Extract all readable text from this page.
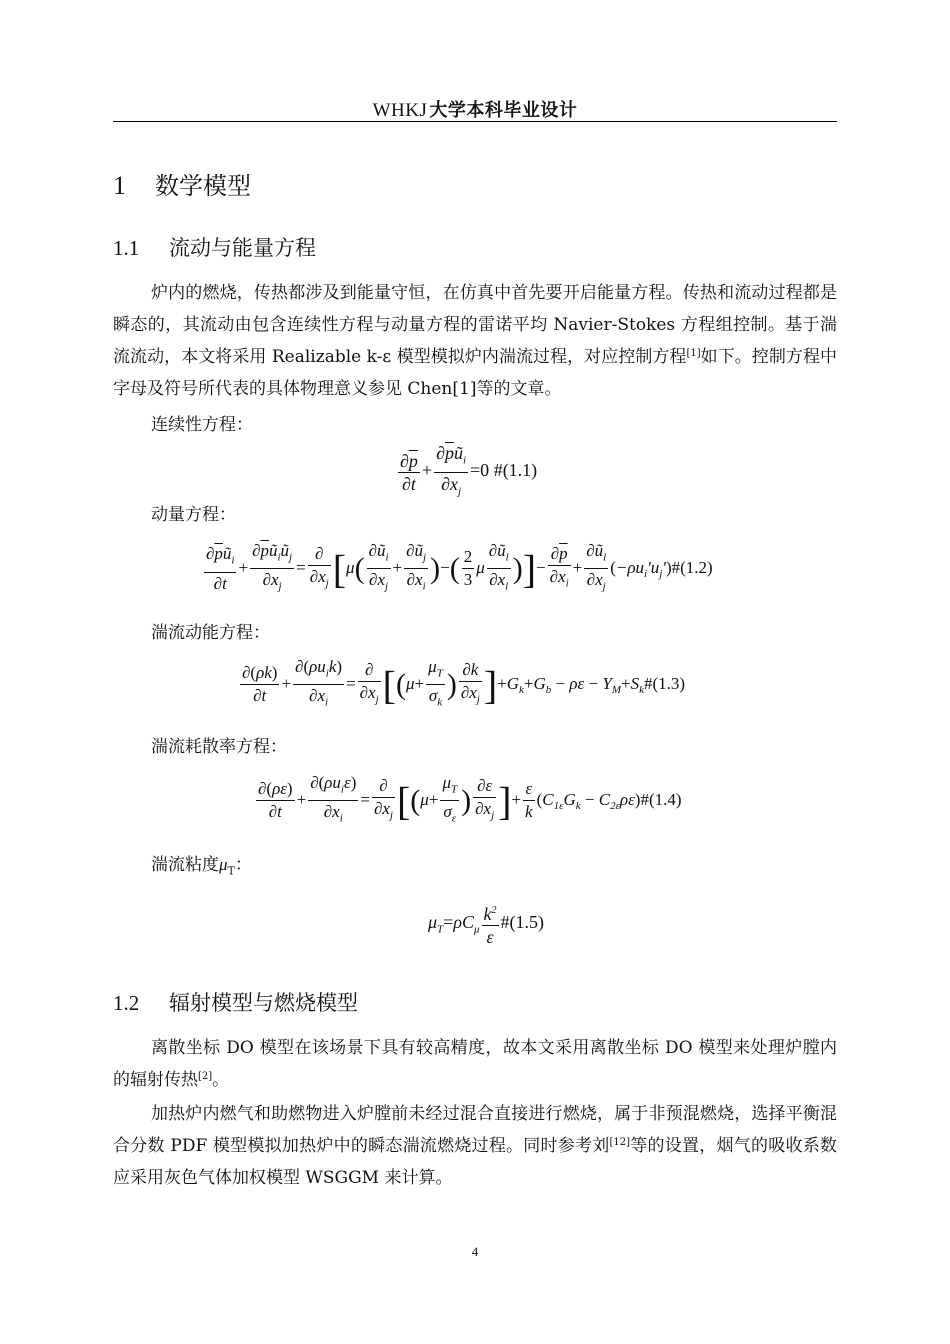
WHKJ 大学本科毕业设计
1 数学模型
1.1 流动与能量方程

炉内的燃烧，传热都涉及到能量守恒，在仿真中首先要开启能量方程。传热和流动过程都是瞬态的，其流动由包含连续性方程与动量方程的雷诺平均 Navier-Stokes 方程组控制。基于湍流流动，本文将采用 Realizable k-ε 模型模拟炉内湍流过程，对应控制方程[1]如下。控制方程中字母及符号所代表的具体物理意义参见 Chen[1]等的文章。

连续性方程：
$\frac{\partial\overline{p}}{\partial t} + \frac{\partial\overline{p}ũ_i}{\partial x_j} =0$ #(1.1)
动量方程：
$\frac{\partial\overline{p}ũ_i}{\partial t} + \frac{\partial\overline{p}ũ_iũ_j}{\partial x_j} = \frac{\partial}{\partial x_j} [\mu( \frac{\partial ũ_i}{\partial x_j} + \frac{\partial ũ_j}{\partial x_i}$ )−( $\frac{2}{3}$ μ $\frac{\partial ũ_l}{\partial x_l}$ )]− $\frac{\partial\overline{p}}{\partial x_i} + \frac{\partial ũ_l}{\partial x_j}$ $(-\rho u_i'u_j')\#(1.2)$
湍流动能方程：
$\frac{\partial(\rho k)}{\partial t} + \frac{\partial(\rho u_ik)}{\partial x_i} = \frac{\partial}{\partial x_j} [(\mu+ \frac{\mu_T}{\sigma_k}$ ) $\frac{\partial k}{\partial x_j} ]+G_k+G_b - \rho\varepsilon$ − $Y_M+S_k\#(1.3)$
湍流耗散率方程：
$\frac{\partial(\rho\varepsilon)}{\partial t} + \frac{\partial(\rho u_i\varepsilon)}{\partial x_i} = \frac{\partial}{\partial x_j} [(\mu+ \frac{\mu_T}{\sigma_\varepsilon}$ ) $\frac{\partial\varepsilon}{\partial x_j}$ ]+ $\frac{\varepsilon}{k} (C_{1\varepsilon}G_k$ − $C_{2\varepsilon}\rho\varepsilon)\#(1.4)$
湍流粘度$\mu_T$：
$\mu_T=\rho C_\mu \frac{k^2}{\varepsilon}$ #(1.5)
1.2 辐射模型与燃烧模型

离散坐标 DO 模型在该场景下具有较高精度，故本文采用离散坐标 DO 模型来处理炉膛内的辐射传热[2]。

加热炉内燃气和助燃物进入炉膛前未经过混合直接进行燃烧，属于非预混燃烧，选择平衡混合分数 PDF 模型模拟加热炉中的瞬态湍流燃烧过程。同时参考刘[12]等的设置，烟气的吸收系数应采用灰色气体加权模型 WSGGM 来计算。

4
